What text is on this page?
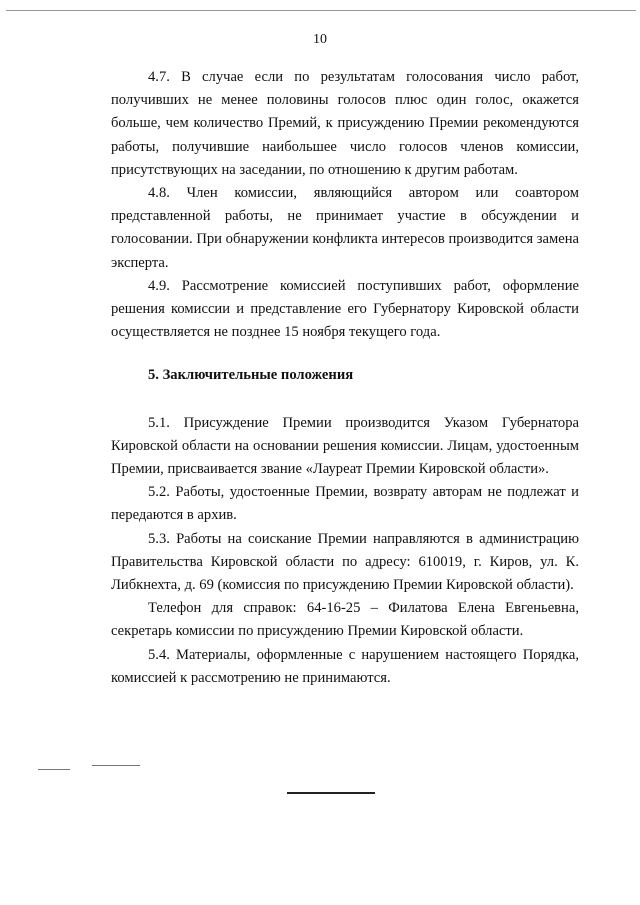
10

4.7. В случае если по результатам голосования число работ, получивших не менее половины голосов плюс один голос, окажется больше, чем количество Премий, к присуждению Премии рекомендуются работы, получившие наибольшее число голосов членов комиссии, присутствующих на заседании, по отношению к другим работам.

4.8. Член комиссии, являющийся автором или соавтором представленной работы, не принимает участие в обсуждении и голосовании. При обнаружении конфликта интересов производится замена эксперта.

4.9. Рассмотрение комиссией поступивших работ, оформление решения комиссии и представление его Губернатору Кировской области осуществляется не позднее 15 ноября текущего года.

5. Заключительные положения

5.1. Присуждение Премии производится Указом Губернатора Кировской области на основании решения комиссии. Лицам, удостоенным Премии, присваивается звание «Лауреат Премии Кировской области».

5.2. Работы, удостоенные Премии, возврату авторам не подлежат и передаются в архив.

5.3. Работы на соискание Премии направляются в администрацию Правительства Кировской области по адресу: 610019, г. Киров, ул. К. Либкнехта, д. 69 (комиссия по присуждению Премии Кировской области).

Телефон для справок: 64-16-25 – Филатова Елена Евгеньевна, секретарь комиссии по присуждению Премии Кировской области.

5.4. Материалы, оформленные с нарушением настоящего Порядка, комиссией к рассмотрению не принимаются.
